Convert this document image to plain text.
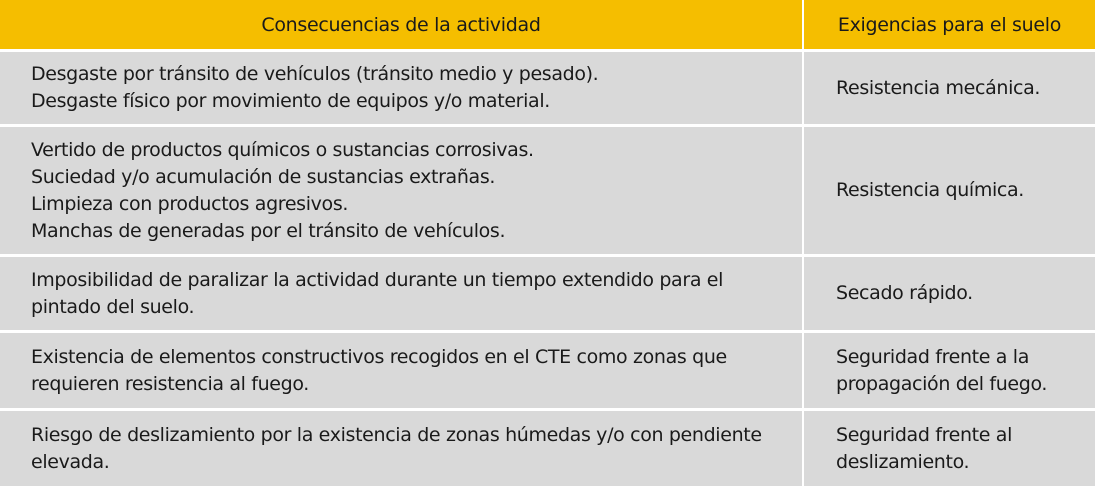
Consecuencias de la actividad	Exigencias para el suelo

Desgaste por tránsito de vehículos (tránsito medio y pesado).
Desgaste físico por movimiento de equipos y/o material.	Resistencia mecánica.

Vertido de productos químicos o sustancias corrosivas.
Suciedad y/o acumulación de sustancias extrañas.
Limpieza con productos agresivos.
Manchas de generadas por el tránsito de vehículos.	Resistencia química.

Imposibilidad de paralizar la actividad durante un tiempo extendido para el
pintado del suelo.	Secado rápido.

Existencia de elementos constructivos recogidos en el CTE como zonas que
requieren resistencia al fuego.	Seguridad frente a la
propagación del fuego.

Riesgo de deslizamiento por la existencia de zonas húmedas y/o con pendiente
elevada.	Seguridad frente al
deslizamiento.
